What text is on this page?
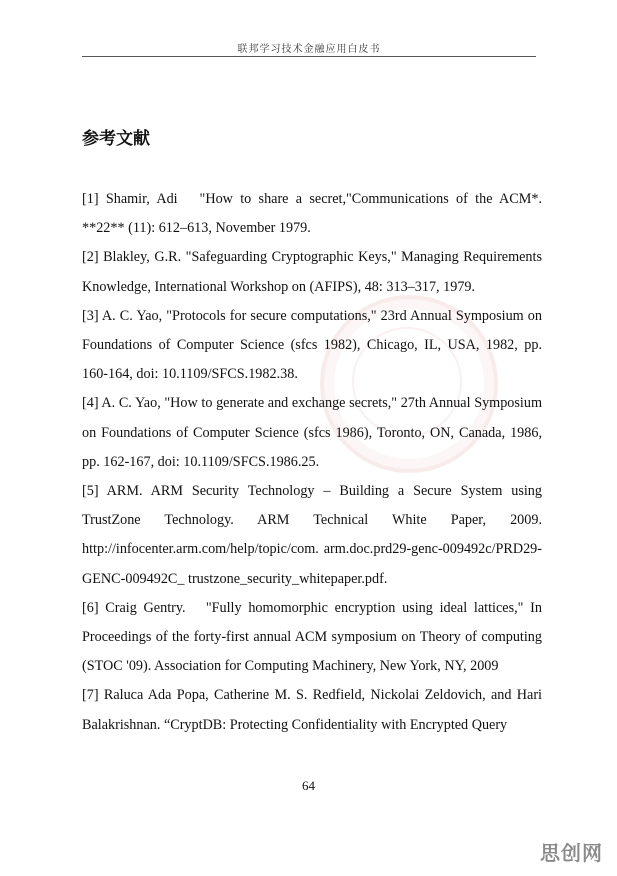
联邦学习技术金融应用白皮书
参考文献
[1] Shamir, Adi   "How to share a secret,"Communications of the ACM*. **22** (11): 612–613, November 1979.
[2] Blakley, G.R. "Safeguarding Cryptographic Keys," Managing Requirements Knowledge, International Workshop on (AFIPS), 48: 313–317, 1979.
[3] A. C. Yao, "Protocols for secure computations," 23rd Annual Symposium on Foundations of Computer Science (sfcs 1982), Chicago, IL, USA, 1982, pp. 160-164, doi: 10.1109/SFCS.1982.38.
[4] A. C. Yao, "How to generate and exchange secrets," 27th Annual Symposium on Foundations of Computer Science (sfcs 1986), Toronto, ON, Canada, 1986, pp. 162-167, doi: 10.1109/SFCS.1986.25.
[5] ARM. ARM Security Technology – Building a Secure System using TrustZone Technology. ARM Technical White Paper, 2009. http://infocenter.arm.com/help/topic/com. arm.doc.prd29-genc-009492c/PRD29-GENC-009492C_ trustzone_security_whitepaper.pdf.
[6] Craig Gentry.   "Fully homomorphic encryption using ideal lattices," In Proceedings of the forty-first annual ACM symposium on Theory of computing (STOC '09). Association for Computing Machinery, New York, NY, 2009
[7] Raluca Ada Popa, Catherine M. S. Redfield, Nickolai Zeldovich, and Hari Balakrishnan. “CryptDB: Protecting Confidentiality with Encrypted Query
64
思创网
